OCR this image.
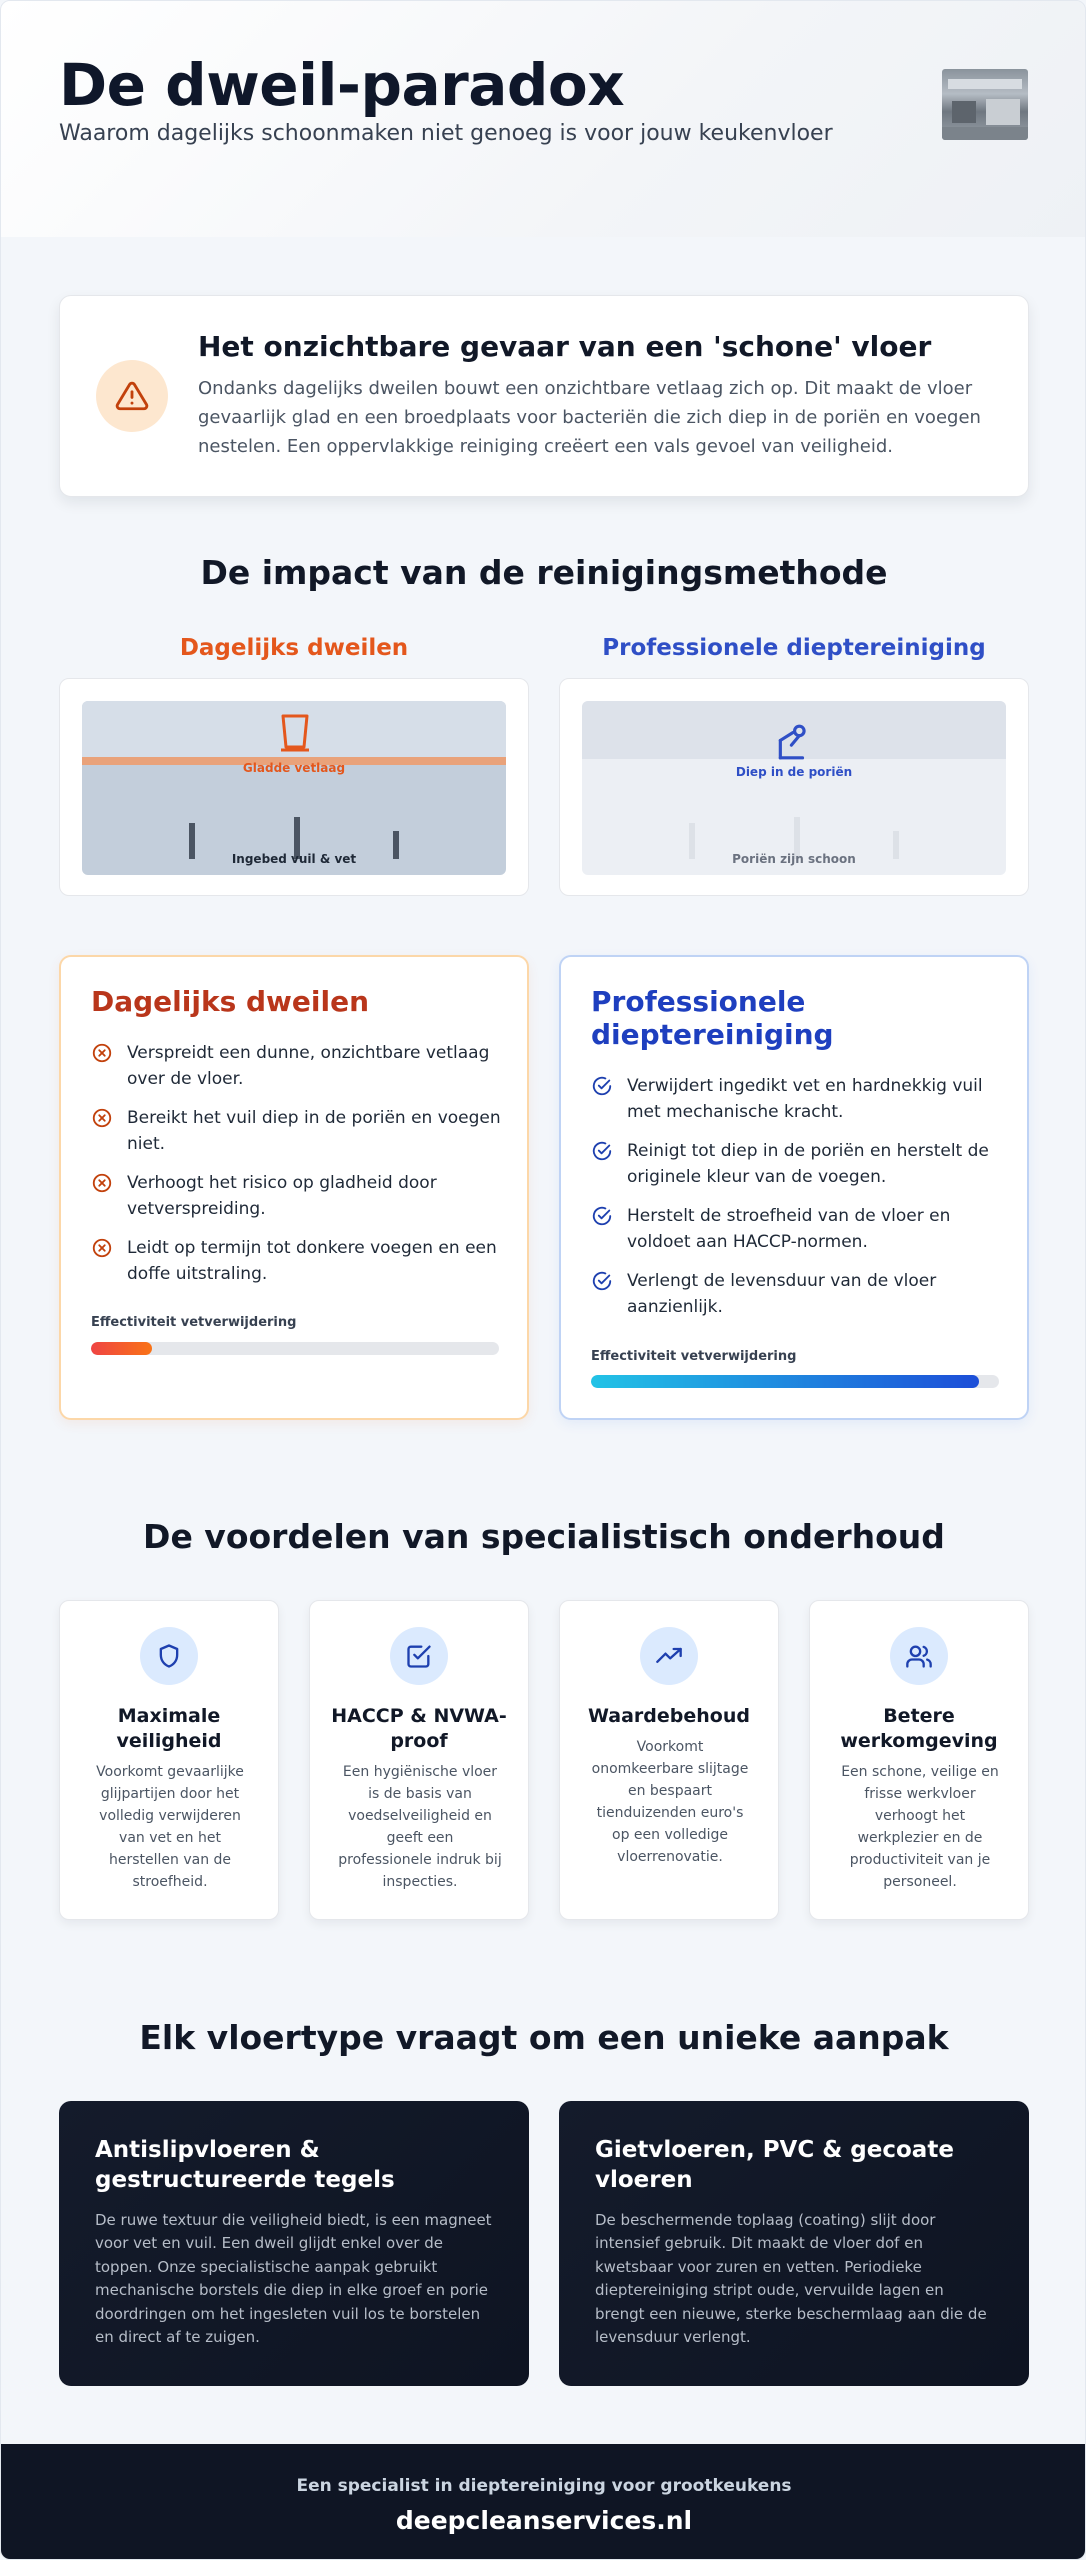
De dweil-paradox
Waarom dagelijks schoonmaken niet genoeg is voor jouw keukenvloer
Het onzichtbare gevaar van een 'schone' vloer
Ondanks dagelijks dweilen bouwt een onzichtbare vetlaag zich op. Dit maakt de vloer gevaarlijk glad en een broedplaats voor bacteriën die zich diep in de poriën en voegen nestelen. Een oppervlakkige reiniging creëert een vals gevoel van veiligheid.
De impact van de reinigingsmethode
Dagelijks dweilen	Professionele dieptereiniging
Gladde vetlaag
Ingebed vuil & vet
Diep in de poriën
Poriën zijn schoon
Dagelijks dweilen
Verspreidt een dunne, onzichtbare vetlaag over de vloer.
Bereikt het vuil diep in de poriën en voegen niet.
Verhoogt het risico op gladheid door vetverspreiding.
Leidt op termijn tot donkere voegen en een doffe uitstraling.
Effectiviteit vetverwijdering
Professionele dieptereiniging
Verwijdert ingedikt vet en hardnekkig vuil met mechanische kracht.
Reinigt tot diep in de poriën en herstelt de originele kleur van de voegen.
Herstelt de stroefheid van de vloer en voldoet aan HACCP-normen.
Verlengt de levensduur van de vloer aanzienlijk.
Effectiviteit vetverwijdering
De voordelen van specialistisch onderhoud
Maximale veiligheid
Voorkomt gevaarlijke glijpartijen door het volledig verwijderen van vet en het herstellen van de stroefheid.
HACCP & NVWA-proof
Een hygiënische vloer is de basis van voedselveiligheid en geeft een professionele indruk bij inspecties.
Waardebehoud
Voorkomt onomkeerbare slijtage en bespaart tienduizenden euro's op een volledige vloerrenovatie.
Betere werkomgeving
Een schone, veilige en frisse werkvloer verhoogt het werkplezier en de productiviteit van je personeel.
Elk vloertype vraagt om een unieke aanpak
Antislipvloeren & gestructureerde tegels
De ruwe textuur die veiligheid biedt, is een magneet voor vet en vuil. Een dweil glijdt enkel over de toppen. Onze specialistische aanpak gebruikt mechanische borstels die diep in elke groef en porie doordringen om het ingesleten vuil los te borstelen en direct af te zuigen.
Gietvloeren, PVC & gecoate vloeren
De beschermende toplaag (coating) slijt door intensief gebruik. Dit maakt de vloer dof en kwetsbaar voor zuren en vetten. Periodieke dieptereiniging stript oude, vervuilde lagen en brengt een nieuwe, sterke beschermlaag aan die de levensduur verlengt.
Een specialist in dieptereiniging voor grootkeukens
deepcleanservices.nl
